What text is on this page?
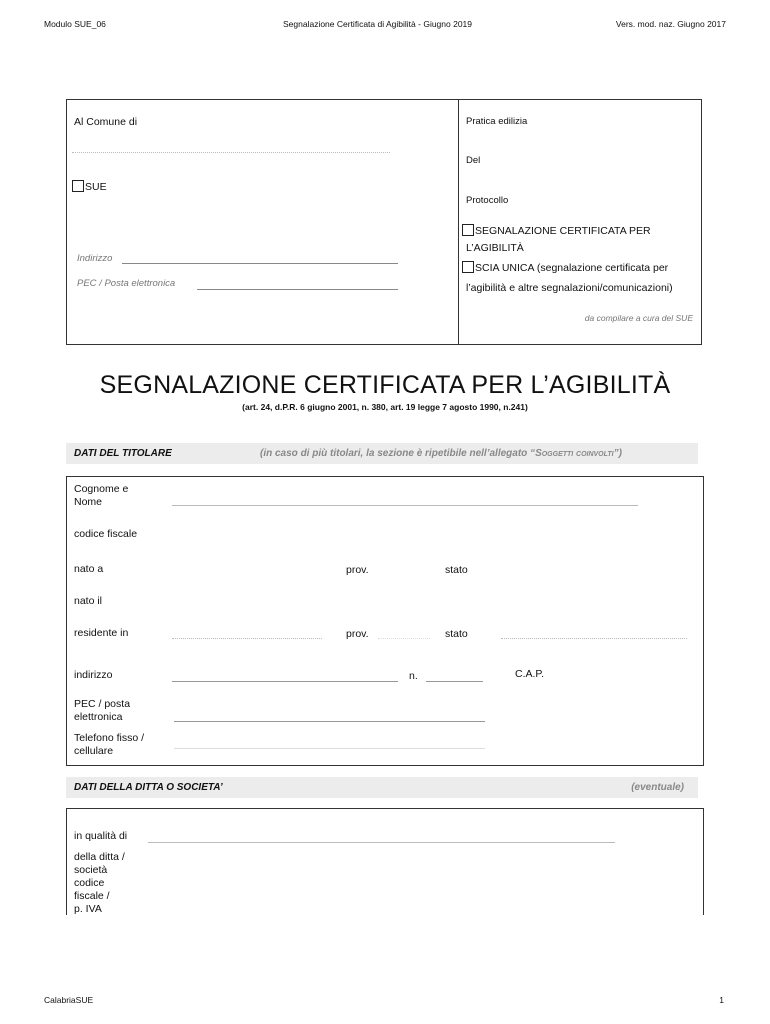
Modulo SUE_06	Segnalazione Certificata di Agibilità - Giugno 2019	Vers. mod. naz. Giugno 2017
Al Comune di
SUE
Indirizzo
PEC / Posta elettronica
Pratica edilizia
Del
Protocollo
SEGNALAZIONE CERTIFICATA PER
L’AGIBILITÀ
SCIA UNICA (segnalazione certificata per
l’agibilità e altre segnalazioni/comunicazioni)
da compilare a cura del SUE
SEGNALAZIONE CERTIFICATA PER L’AGIBILITÀ
(art. 24, d.P.R. 6 giugno 2001, n. 380, art. 19 legge 7 agosto 1990, n.241)
DATI DEL TITOLARE	(in caso di più titolari, la sezione è ripetibile nell’allegato “Soggetti coinvolti”)
Cognome e
Nome
codice fiscale
nato a	prov.	stato
nato il
residente in	prov.	stato
indirizzo	n.	C.A.P.
PEC / posta
elettronica
Telefono fisso /
cellulare
DATI DELLA DITTA O SOCIETA’	(eventuale)
in qualità di
della ditta /
società
codice
fiscale /
p. IVA
CalabriaSUE	1
